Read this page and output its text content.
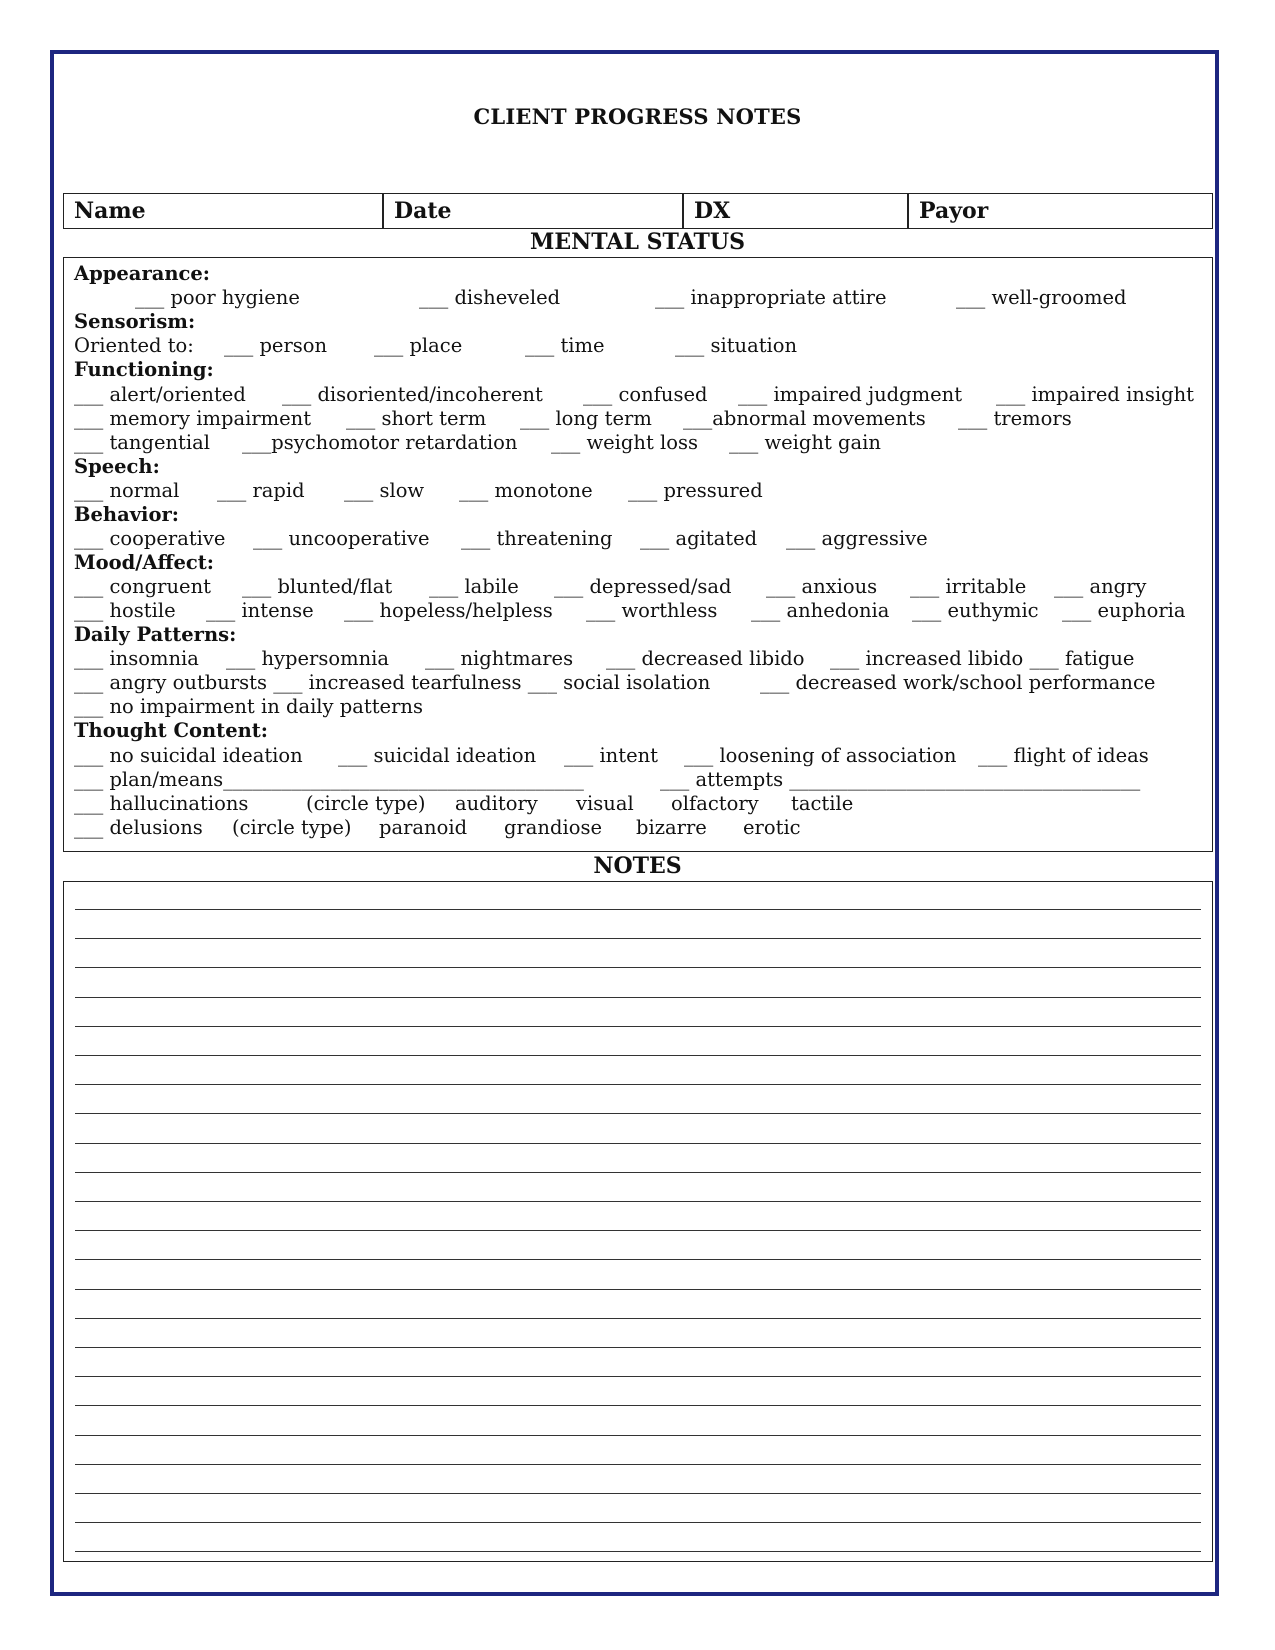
CLIENT PROGRESS NOTES
Name	Date	DX	Payor
MENTAL STATUS
Appearance:
___ poor hygiene	___ disheveled	___ inappropriate attire	___ well-groomed
Sensorism:
Oriented to: ___ person ___ place	___ time	___ situation
Functioning:
___ alert/oriented ___ disoriented/incoherent ___ confused ___ impaired judgment ___ impaired insight
___ memory impairment ___ short term ___ long term ___abnormal movements ___ tremors
___ tangential ___psychomotor retardation ___ weight loss ___ weight gain
Speech:
___ normal ___ rapid ___ slow ___ monotone ___ pressured
Behavior:
___ cooperative ___ uncooperative ___ threatening ___ agitated ___ aggressive
Mood/Affect:
___ congruent ___ blunted/flat ___ labile ___ depressed/sad ___ anxious ___ irritable ___ angry
___ hostile ___ intense ___ hopeless/helpless ___ worthless ___ anhedonia ___ euthymic ___ euphoria
Daily Patterns:
___ insomnia ___ hypersomnia ___ nightmares ___ decreased libido ___ increased libido ___ fatigue
___ angry outbursts ___ increased tearfulness ___ social isolation	___ decreased work/school performance
___ no impairment in daily patterns
Thought Content:
___ no suicidal ideation ___ suicidal ideation ___ intent ___ loosening of association ___ flight of ideas
___ plan/means_____________________________________	___ attempts ____________________________________
___ hallucinations	(circle type) auditory visual olfactory tactile
___ delusions (circle type) paranoid grandiose bizarre erotic
NOTES
